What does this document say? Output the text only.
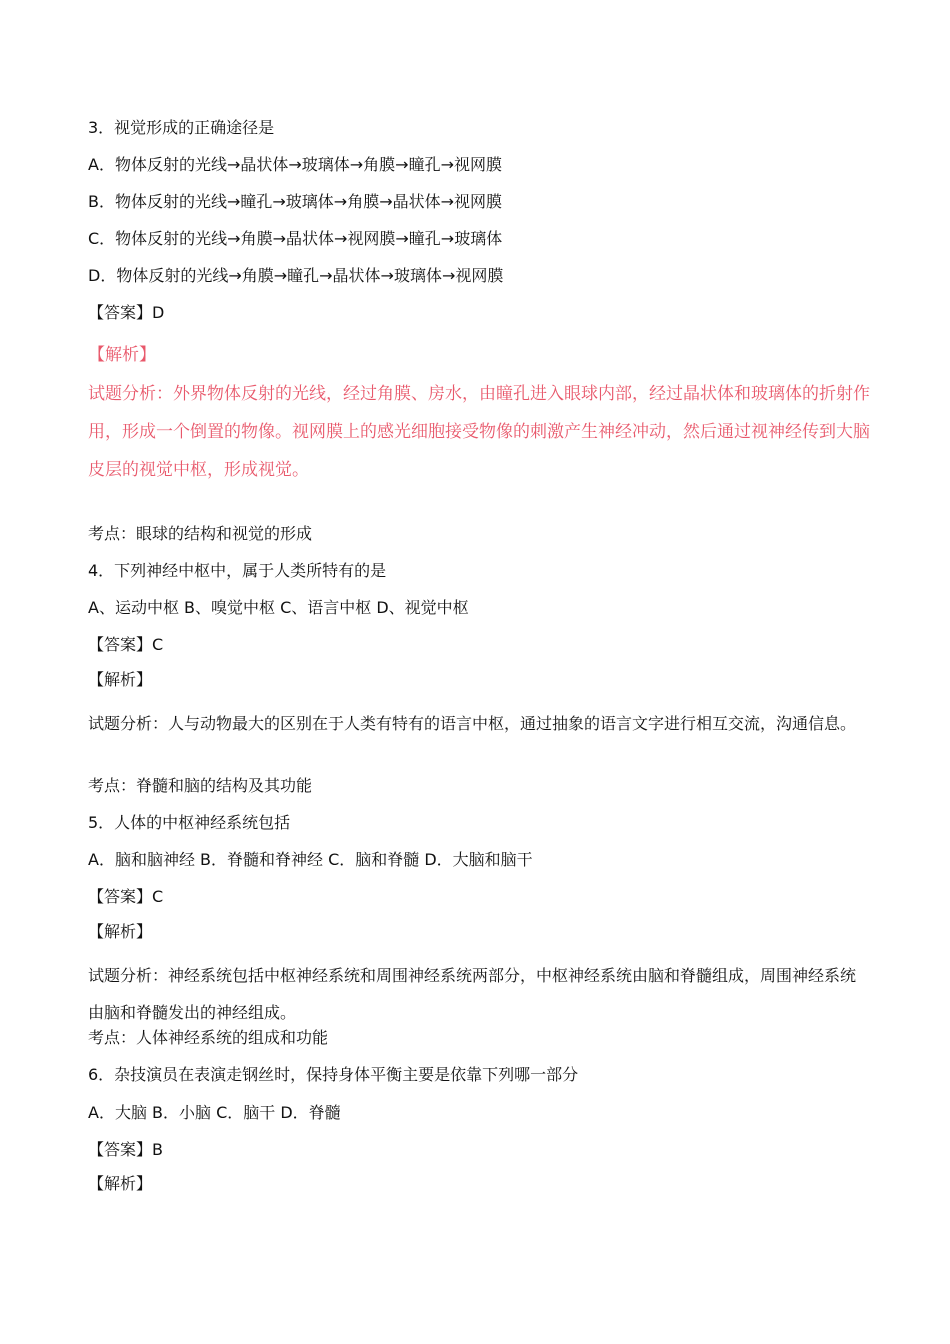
3．视觉形成的正确途径是

A．物体反射的光线→晶状体→玻璃体→角膜→瞳孔→视网膜

B．物体反射的光线→瞳孔→玻璃体→角膜→晶状体→视网膜

C．物体反射的光线→角膜→晶状体→视网膜→瞳孔→玻璃体

D．物体反射的光线→角膜→瞳孔→晶状体→玻璃体→视网膜

【答案】D

【解析】

试题分析：外界物体反射的光线，经过角膜、房水，由瞳孔进入眼球内部，经过晶状体和玻璃体的折射作

用，形成一个倒置的物像。视网膜上的感光细胞接受物像的刺激产生神经冲动，然后通过视神经传到大脑

皮层的视觉中枢，形成视觉。

考点：眼球的结构和视觉的形成

4．下列神经中枢中，属于人类所特有的是

A、运动中枢 B、嗅觉中枢 C、语言中枢 D、视觉中枢

【答案】C

【解析】

试题分析：人与动物最大的区别在于人类有特有的语言中枢，通过抽象的语言文字进行相互交流，沟通信息。

考点：脊髓和脑的结构及其功能

5．人体的中枢神经系统包括

A．脑和脑神经 B．脊髓和脊神经 C．脑和脊髓 D．大脑和脑干

【答案】C

【解析】

试题分析：神经系统包括中枢神经系统和周围神经系统两部分，中枢神经系统由脑和脊髓组成，周围神经系统由脑和脊髓发出的神经组成。

考点：人体神经系统的组成和功能

6．杂技演员在表演走钢丝时，保持身体平衡主要是依靠下列哪一部分

A．大脑 B．小脑 C．脑干 D．脊髓

【答案】B

【解析】
